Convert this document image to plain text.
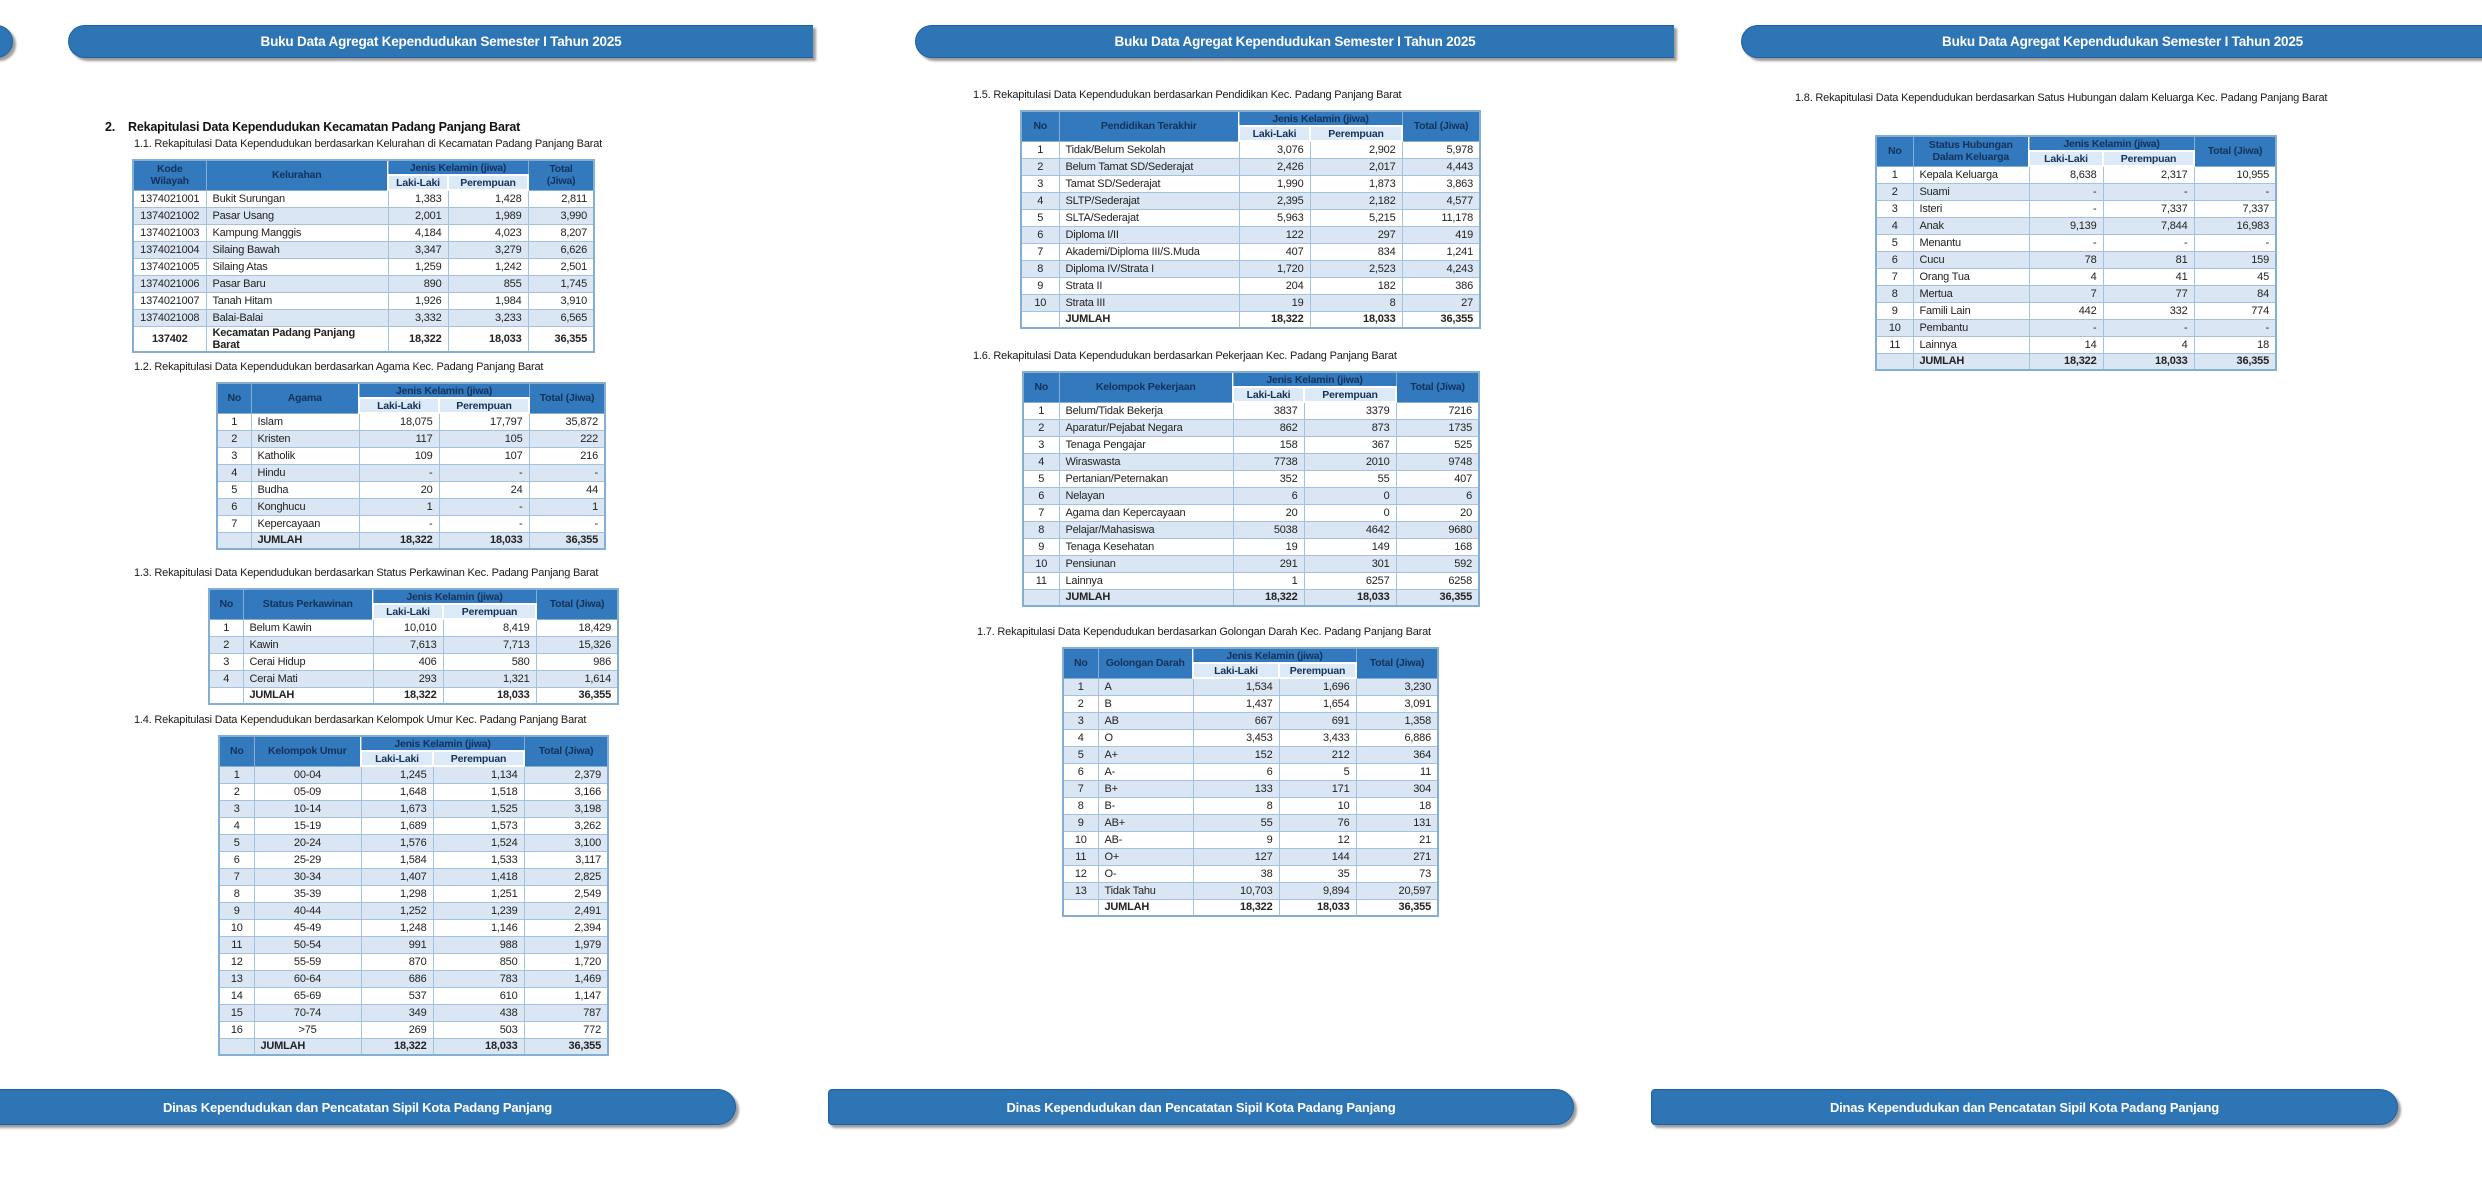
Buku Data Agregat Kependudukan Semester I Tahun 2025
2. Rekapitulasi Data Kependudukan Kecamatan Padang Panjang Barat
1.1. Rekapitulasi Data Kependudukan berdasarkan Kelurahan di Kecamatan Padang Panjang Barat
Kode Wilayah	Kelurahan	Jenis Kelamin (jiwa)		Total (Jiwa)
		Laki-Laki	Perempuan	
1374021001	Bukit Surungan	1,383	1,428	2,811
1374021002	Pasar Usang	2,001	1,989	3,990
1374021003	Kampung Manggis	4,184	4,023	8,207
1374021004	Silaing Bawah	3,347	3,279	6,626
1374021005	Silaing Atas	1,259	1,242	2,501
1374021006	Pasar Baru	890	855	1,745
1374021007	Tanah Hitam	1,926	1,984	3,910
1374021008	Balai-Balai	3,332	3,233	6,565
137402	Kecamatan Padang Panjang Barat	18,322	18,033	36,355
1.2. Rekapitulasi Data Kependudukan berdasarkan Agama Kec. Padang Panjang Barat
No	Agama	Jenis Kelamin (jiwa)		Total (Jiwa)
		Laki-Laki	Perempuan	
1	Islam	18,075	17,797	35,872
2	Kristen	117	105	222
3	Katholik	109	107	216
4	Hindu	-	-	-
5	Budha	20	24	44
6	Konghucu	1	-	1
7	Kepercayaan	-	-	-
	JUMLAH	18,322	18,033	36,355
1.3. Rekapitulasi Data Kependudukan berdasarkan Status Perkawinan Kec. Padang Panjang Barat
No	Status Perkawinan	Jenis Kelamin (jiwa)		Total (Jiwa)
		Laki-Laki	Perempuan	
1	Belum Kawin	10,010	8,419	18,429
2	Kawin	7,613	7,713	15,326
3	Cerai Hidup	406	580	986
4	Cerai Mati	293	1,321	1,614
	JUMLAH	18,322	18,033	36,355
1.4. Rekapitulasi Data Kependudukan berdasarkan Kelompok Umur Kec. Padang Panjang Barat
No	Kelompok Umur	Jenis Kelamin (jiwa)		Total (Jiwa)
		Laki-Laki	Perempuan	
1	00-04	1,245	1,134	2,379
2	05-09	1,648	1,518	3,166
3	10-14	1,673	1,525	3,198
4	15-19	1,689	1,573	3,262
5	20-24	1,576	1,524	3,100
6	25-29	1,584	1,533	3,117
7	30-34	1,407	1,418	2,825
8	35-39	1,298	1,251	2,549
9	40-44	1,252	1,239	2,491
10	45-49	1,248	1,146	2,394
11	50-54	991	988	1,979
12	55-59	870	850	1,720
13	60-64	686	783	1,469
14	65-69	537	610	1,147
15	70-74	349	438	787
16	>75	269	503	772
	JUMLAH	18,322	18,033	36,355
Dinas Kependudukan dan Pencatatan Sipil Kota Padang Panjang
Buku Data Agregat Kependudukan Semester I Tahun 2025
1.5. Rekapitulasi Data Kependudukan berdasarkan Pendidikan Kec. Padang Panjang Barat
No	Pendidikan Terakhir	Jenis Kelamin (jiwa)		Total (Jiwa)
		Laki-Laki	Perempuan	
1	Tidak/Belum Sekolah	3,076	2,902	5,978
2	Belum Tamat SD/Sederajat	2,426	2,017	4,443
3	Tamat SD/Sederajat	1,990	1,873	3,863
4	SLTP/Sederajat	2,395	2,182	4,577
5	SLTA/Sederajat	5,963	5,215	11,178
6	Diploma I/II	122	297	419
7	Akademi/Diploma III/S.Muda	407	834	1,241
8	Diploma IV/Strata I	1,720	2,523	4,243
9	Strata II	204	182	386
10	Strata III	19	8	27
	JUMLAH	18,322	18,033	36,355
1.6. Rekapitulasi Data Kependudukan berdasarkan Pekerjaan Kec. Padang Panjang Barat
No	Kelompok Pekerjaan	Jenis Kelamin (jiwa)		Total (Jiwa)
		Laki-Laki	Perempuan	
1	Belum/Tidak Bekerja	3837	3379	7216
2	Aparatur/Pejabat Negara	862	873	1735
3	Tenaga Pengajar	158	367	525
4	Wiraswasta	7738	2010	9748
5	Pertanian/Peternakan	352	55	407
6	Nelayan	6	0	6
7	Agama dan Kepercayaan	20	0	20
8	Pelajar/Mahasiswa	5038	4642	9680
9	Tenaga Kesehatan	19	149	168
10	Pensiunan	291	301	592
11	Lainnya	1	6257	6258
	JUMLAH	18,322	18,033	36,355
1.7. Rekapitulasi Data Kependudukan berdasarkan Golongan Darah Kec. Padang Panjang Barat
No	Golongan Darah	Jenis Kelamin (jiwa)		Total (Jiwa)
		Laki-Laki	Perempuan	
1	A	1,534	1,696	3,230
2	B	1,437	1,654	3,091
3	AB	667	691	1,358
4	O	3,453	3,433	6,886
5	A+	152	212	364
6	A-	6	5	11
7	B+	133	171	304
8	B-	8	10	18
9	AB+	55	76	131
10	AB-	9	12	21
11	O+	127	144	271
12	O-	38	35	73
13	Tidak Tahu	10,703	9,894	20,597
	JUMLAH	18,322	18,033	36,355
Dinas Kependudukan dan Pencatatan Sipil Kota Padang Panjang
Buku Data Agregat Kependudukan Semester I Tahun 2025
1.8. Rekapitulasi Data Kependudukan berdasarkan Satus Hubungan dalam Keluarga Kec. Padang Panjang Barat
No	Status Hubungan Dalam Keluarga	Jenis Kelamin (jiwa)		Total (Jiwa)
		Laki-Laki	Perempuan	
1	Kepala Keluarga	8,638	2,317	10,955
2	Suami	-	-	-
3	Isteri	-	7,337	7,337
4	Anak	9,139	7,844	16,983
5	Menantu	-	-	-
6	Cucu	78	81	159
7	Orang Tua	4	41	45
8	Mertua	7	77	84
9	Famili Lain	442	332	774
10	Pembantu	-	-	-
11	Lainnya	14	4	18
	JUMLAH	18,322	18,033	36,355
Dinas Kependudukan dan Pencatatan Sipil Kota Padang Panjang
